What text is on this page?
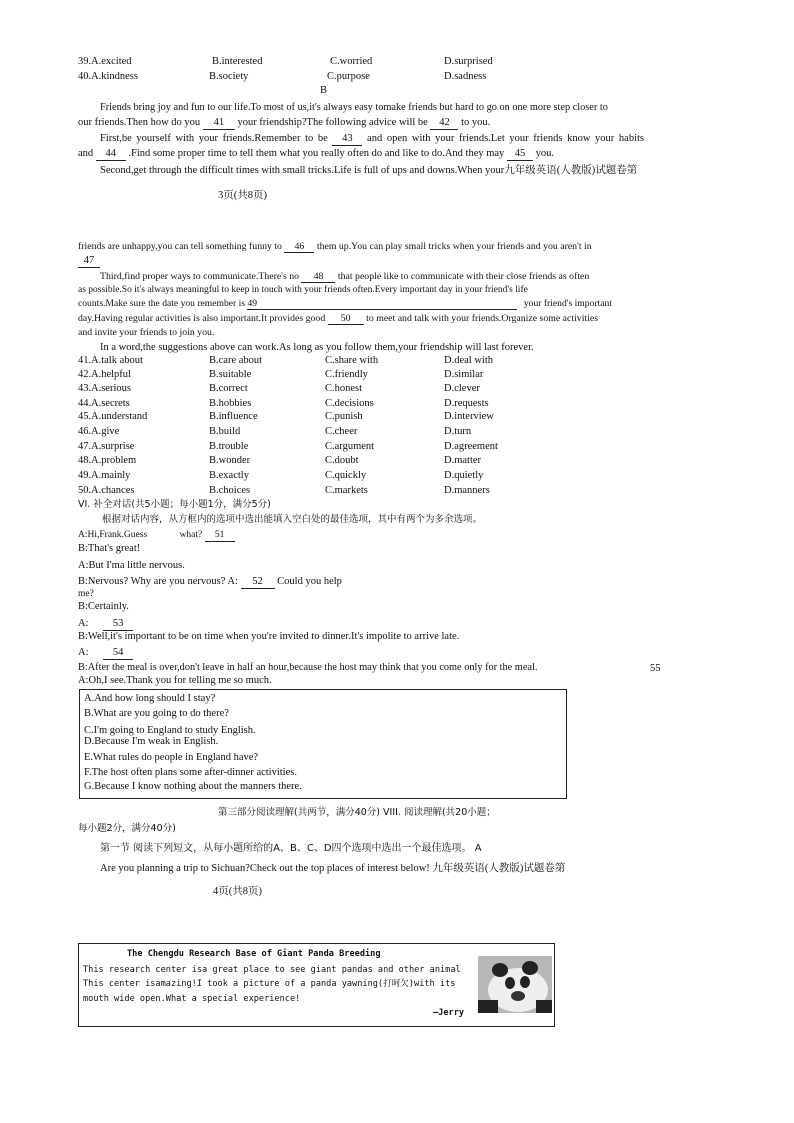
39. A.excited	B.interested	C.worried	D.surprised
40. A.kindness	B.society	C.purpose	D.sadness
B
Friends bring joy and fun to our life.To most of us,it's always easy tomake friends but hard to go on one more step closer to
our friends.Then how do you 41 your friendship?The following advice will be 42 to you.
First,be yourself with your friends.Remember to be 43 and open with your friends.Let your friends know your habits
and 44 .Find some proper time to tell them what you really often do and like to do.And they may 45 you.
Second,get through the difficult times with small tricks.Life is full of ups and downs.When your九年级英语(人教版)试题卷第
3页(共8页)
friends are unhappy,you can tell something funny to 46 them up.You can play small tricks when your friends and you aren't in
47
Third,find proper ways to communicate.There's no 48 that people like to communicate with their close friends as often
as possible.So it's always meaningful to keep in touch with your friends often.Every important day in your friend's life
counts.Make sure the date you remember is 49	your friend's important
day.Having regular activities is also important.It provides good 50 to meet and talk with your friends.Organize some activities
and invite your friends to join you.
In a word,the suggestions above can work.As long as you follow them,your friendship will last forever.
41. A.talk about	B.care about	C.share with	D.deal with
42. A.helpful	B.suitable	C.friendly	D.similar
43. A.serious	B.correct	C.honest	D.clever
44. A.secrets	B.hobbies	C.decisions	D.requests
45. A.understand	B.influence	C.punish	D.interview
46. A.give	B.build	C.cheer	D.turn
47. A.surprise	B.trouble	C.argument	D.agreement
48. A.problem	B.wonder	C.doubt	D.matter
49. A.mainly	B.exactly	C.quickly	D.quietly
50. A.chances	B.choices	C.markets	D.manners
VI. 补全对话(共5小题；每小题1分，满分5分)
根据对话内容，从方框内的选项中选出能填入空白处的最佳选项，其中有两个为多余选项。
A:Hi,Frank.Guess	what? 51
B:That's great!
A:But I'ma little nervous.
B:Nervous? Why are you nervous? A: 52 Could you help
me?
B:Certainly.
A: 53
B:Well,it's important to be on time when you're invited to dinner.It's impolite to arrive late.
A: 54
B:After the meal is over,don't leave in half an hour,because the host may think that you come only for the meal.	55
A:Oh,I see.Thank you for telling me so much.
A.And how long should I stay?
B.What are you going to do there?
C.I'm going to England to study English.
D.Because I'm weak in English.
E.What rules do people in England have?
F.The host often plans some after-dinner activities.
G.Because I know nothing about the manners there.
第三部分阅读理解(共两节，满分40分) VIII. 阅读理解(共20小题；
每小题2分，满分40分)
第一节 阅读下列短文，从每小题所给的A、B、C、D四个选项中选出一个最佳选项。 A
Are you planning a trip to Sichuan?Check out the top places of interest below! 九年级英语(人教版)试题卷第
4页(共8页)
The Chengdu Research Base of Giant Panda Breeding
This research center isa great place to see giant pandas and other animal
This center isamazing!I took a picture of a panda yawning(打呵欠)with its
mouth wide open.What a special experience!
—Jerry
